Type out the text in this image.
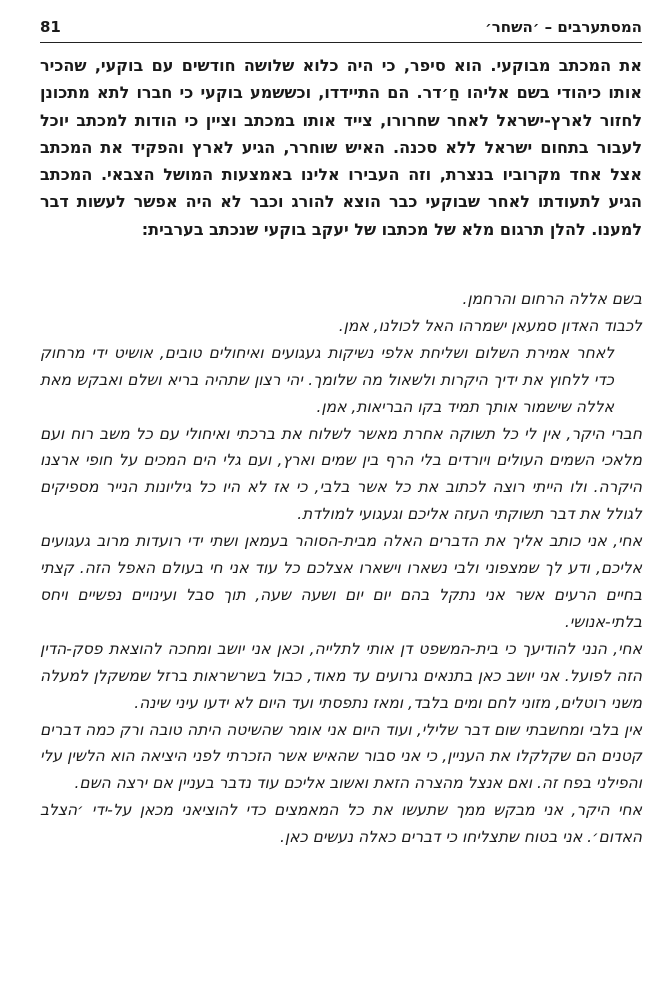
המסתערבים – ׳השחר׳
81

את המכתב מבוקעי. הוא סיפר, כי היה כלוא שלושה חודשים עם בוקעי, שהכיר אותו כיהודי בשם אליהו חַ׳דר. הם התיידדו, וכששמע בוקעי כי חברו לתא מתכונן לחזור לארץ-ישראל לאחר שחרורו, צייד אותו במכתב וציין כי הודות למכתב יוכל לעבור בתחום ישראל ללא סכנה. האיש שוחרר, הגיע לארץ והפקיד את המכתב אצל אחד מקרוביו בנצרת, וזה העבירו אלינו באמצעות המושל הצבאי. המכתב הגיע לתעודתו לאחר שבוקעי כבר הוצא להורג וכבר לא היה אפשר לעשות דבר למענו. להלן תרגום מלא של מכתבו של יעקב בוקעי שנכתב בערבית:

בשם אללה הרחום והרחמן.

לכבוד האדון סמעאן ישמרהו האל לכולנו, אמן.

לאחר אמירת השלום ושליחת אלפי נשיקות געגועים ואיחולים טובים, אושיט ידי מרחוק כדי ללחוץ את ידיך היקרות ולשאול מה שלומך. יהי רצון שתהיה בריא ושלם ואבקש מאת אללה שישמור אותך תמיד בקו הבריאות, אמן.

חברי היקר, אין לי כל תשוקה אחרת מאשר לשלוח את ברכתי ואיחולי עם כל משב רוח ועם מלאכי השמים העולים ויורדים בלי הרף בין שמים וארץ, ועם גלי הים המכים על חופי ארצנו היקרה. ולו הייתי רוצה לכתוב את כל אשר בלבי, כי אז לא היו כל גיליונות הנייר מספיקים לגולל את דבר תשוקתי העזה אליכם וגעגועי למולדת.

אחי, אני כותב אליך את הדברים האלה מבית-הסוהר בעמאן ושתי ידי רועדות מרוב געגועים אליכם, ודע לך שמצפוני ולבי נשארו וישארו אצלכם כל עוד אני חי בעולם האפל הזה. קצתי בחיים הרעים אשר אני נתקל בהם יום יום ושעה שעה, תוך סבל ועינויים נפשיים ויחס בלתי-אנושי.

אחי, הנני להודיעך כי בית-המשפט דן אותי לתלייה, וכאן אני יושב ומחכה להוצאת פסק-הדין הזה לפועל. אני יושב כאן בתנאים גרועים עד מאוד, כבול בשרשראות ברזל שמשקלן למעלה משני רוטלים, מזוני לחם ומים בלבד, ומאז נתפסתי ועד היום לא ידעו עיני שינה.

אין בלבי ומחשבתי שום דבר שלילי, ועוד היום אני אומר שהשיטה היתה טובה ורק כמה דברים קטנים הם שקלקלו את העניין, כי אני סבור שהאיש אשר הזכרתי לפני היציאה הוא הלשין עלי והפילני בפח זה. ואם אנצל מהצרה הזאת ואשוב אליכם עוד נדבר בעניין אם ירצה השם.

אחי היקר, אני מבקש ממך שתעשו את כל המאמצים כדי להוציאני מכאן על-ידי ׳הצלב האדום׳. אני בטוח שתצליחו כי דברים כאלה נעשים כאן.
